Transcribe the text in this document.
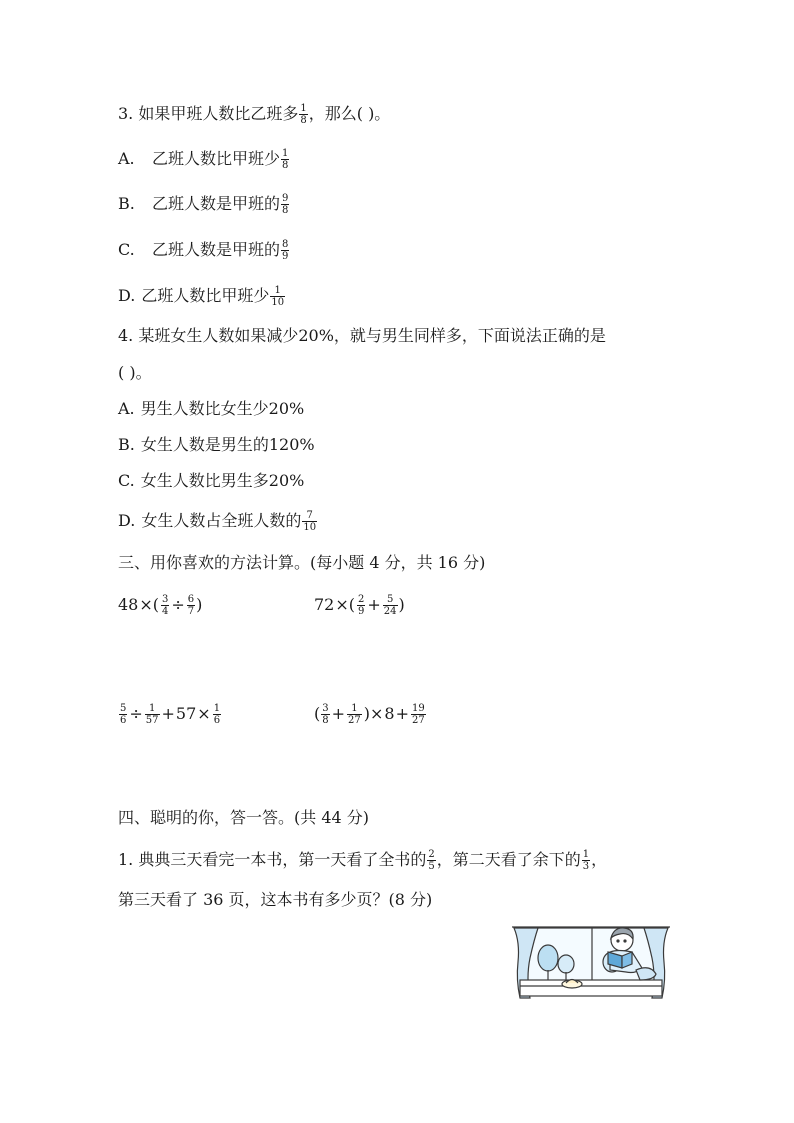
3. 如果甲班人数比乙班多 $\frac{1}{8}$ ，那么( )。
A. 乙班人数比甲班少 $\frac{1}{8}$
B. 乙班人数是甲班的 $\frac{9}{8}$
C. 乙班人数是甲班的 $\frac{8}{9}$
D. 乙班人数比甲班少 $\frac{1}{10}$
4. 某班女生人数如果减少20%，就与男生同样多，下面说法正确的是
( )。
A. 男生人数比女生少20%
B. 女生人数是男生的120%
C. 女生人数比男生多20%
D. 女生人数占全班人数的 $\frac{7}{10}$
三、用你喜欢的方法计算。(每小题 4 分，共 16 分)
$48\times( \frac{3}{4} \div \frac{6}{7}$ )	$72\times( \frac{2}{9} + \frac{5}{24}$ )
$\frac{5}{6} \div \frac{1}{57} +57\times \frac{1}{6}$	( $\frac{3}{8} + \frac{1}{27} )\times 8+ \frac{19}{27}$
四、聪明的你，答一答。(共 44 分)
1. 典典三天看完一本书，第一天看了全书的 $\frac{2}{5}$ ，第二天看了余下的 $\frac{1}{3}$ ，
第三天看了 36 页，这本书有多少页？(8 分)
